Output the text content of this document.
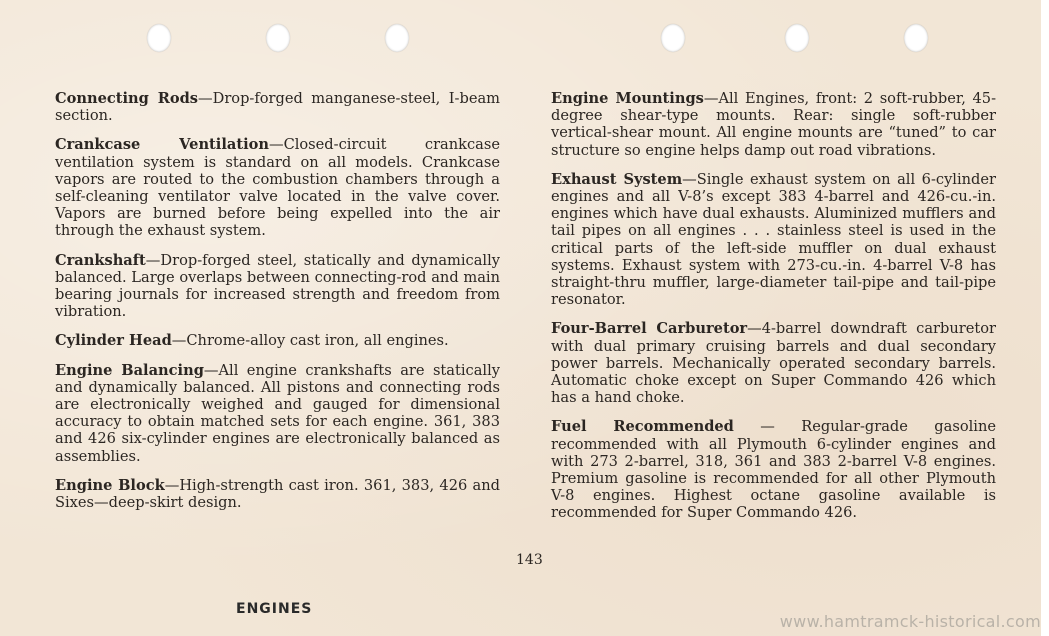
Connecting Rods—Drop-forged manganese-steel, I-beam section.

Crankcase Ventilation—Closed-circuit crankcase ventilation system is standard on all models. Crankcase vapors are routed to the combustion chambers through a self-cleaning ventilator valve located in the valve cover. Vapors are burned before being expelled into the air through the exhaust system.

Crankshaft—Drop-forged steel, statically and dynamically balanced. Large overlaps between connecting-rod and main bearing journals for increased strength and freedom from vibration.

Cylinder Head—Chrome-alloy cast iron, all engines.

Engine Balancing—All engine crankshafts are statically and dynamically balanced. All pistons and connecting rods are electronically weighed and gauged for dimensional accuracy to obtain matched sets for each engine. 361, 383 and 426 six-cylinder engines are electronically balanced as assemblies.

Engine Block—High-strength cast iron. 361, 383, 426 and Sixes—deep-skirt design.

Engine Mountings—All Engines, front: 2 soft-rubber, 45-degree shear-type mounts. Rear: single soft-rubber vertical-shear mount. All engine mounts are “tuned” to car structure so engine helps damp out road vibrations.

Exhaust System—Single exhaust system on all 6-cylinder engines and all V-8’s except 383 4-barrel and 426-cu.-in. engines which have dual exhausts. Aluminized mufflers and tail pipes on all engines . . . stainless steel is used in the critical parts of the left-side muffler on dual exhaust systems. Exhaust system with 273-cu.-in. 4-barrel V-8 has straight-thru muffler, large-diameter tail-pipe and tail-pipe resonator.

Four-Barrel Carburetor—4-barrel downdraft carburetor with dual primary cruising barrels and dual secondary power barrels. Mechanically operated secondary barrels. Automatic choke except on Super Commando 426 which has a hand choke.

Fuel Recommended — Regular-grade gasoline recommended with all Plymouth 6-cylinder engines and with 273 2-barrel, 318, 361 and 383 2-barrel V-8 engines. Premium gasoline is recommended for all other Plymouth V-8 engines. Highest octane gasoline available is recommended for Super Commando 426.

143
ENGINES
www.hamtramck-historical.com
